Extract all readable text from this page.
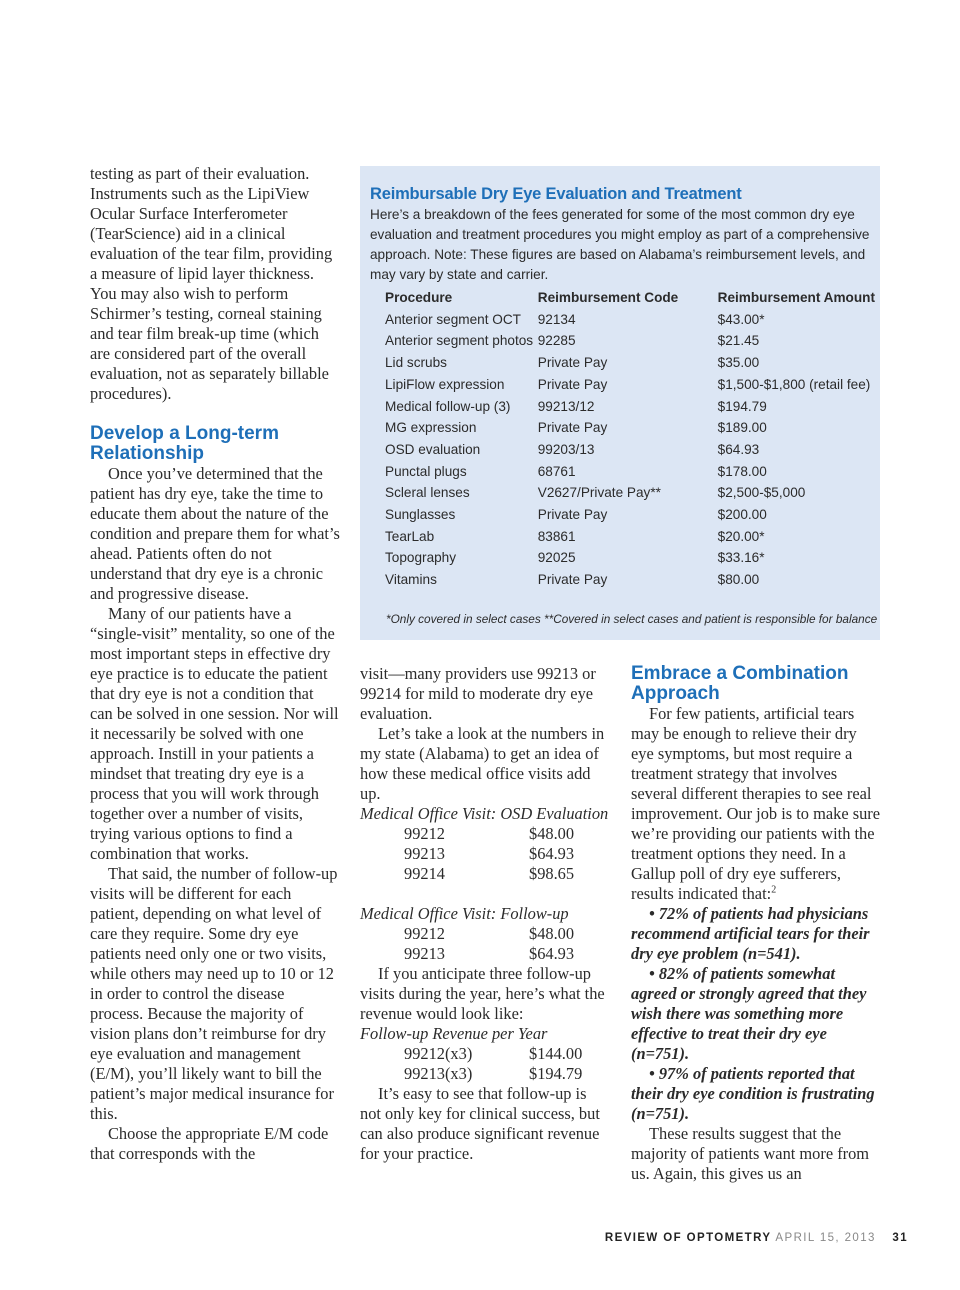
testing as part of their evaluation. Instruments such as the LipiView Ocular Surface Interferometer (TearScience) aid in a clinical evaluation of the tear film, providing a measure of lipid layer thickness. You may also wish to perform Schirmer’s testing, corneal staining and tear film break-up time (which are considered part of the overall evaluation, not as separately billable procedures).

Develop a Long-term Relationship

Once you’ve determined that the patient has dry eye, take the time to educate them about the nature of the condition and prepare them for what’s ahead. Patients often do not understand that dry eye is a chronic and progressive disease.

Many of our patients have a “single-visit” mentality, so one of the most important steps in effective dry eye practice is to educate the patient that dry eye is not a condition that can be solved in one session. Nor will it necessarily be solved with one approach. Instill in your patients a mindset that treating dry eye is a process that you will work through together over a number of visits, trying various options to find a combination that works.

That said, the number of follow-up visits will be different for each patient, depending on what level of care they require. Some dry eye patients need only one or two visits, while others may need up to 10 or 12 in order to control the disease process. Because the majority of vision plans don’t reimburse for dry eye evaluation and management (E/M), you’ll likely want to bill the patient’s major medical insurance for this.

Choose the appropriate E/M code that corresponds with the

Reimbursable Dry Eye Evaluation and Treatment
Here’s a breakdown of the fees generated for some of the most common dry eye evaluation and treatment procedures you might employ as part of a comprehensive approach. Note: These figures are based on Alabama’s reimbursement levels, and may vary by state and carrier.
Procedure	Reimbursement Code	Reimbursement Amount
Anterior segment OCT	92134	$43.00*
Anterior segment photos	92285	$21.45
Lid scrubs	Private Pay	$35.00
LipiFlow expression	Private Pay	$1,500-$1,800 (retail fee)
Medical follow-up (3)	99213/12	$194.79
MG expression	Private Pay	$189.00
OSD evaluation	99203/13	$64.93
Punctal plugs	68761	$178.00
Scleral lenses	V2627/Private Pay**	$2,500-$5,000
Sunglasses	Private Pay	$200.00
TearLab	83861	$20.00*
Topography	92025	$33.16*
Vitamins	Private Pay	$80.00
*Only covered in select cases **Covered in select cases and patient is responsible for balance

visit—many providers use 99213 or 99214 for mild to moderate dry eye evaluation.

Let’s take a look at the numbers in my state (Alabama) to get an idea of how these medical office visits add up.

Medical Office Visit: OSD Evaluation

99212	$48.00
99213	$64.93
99214	$98.65

Medical Office Visit: Follow-up

99212	$48.00
99213	$64.93

If you anticipate three follow-up visits during the year, here’s what the revenue would look like:

Follow-up Revenue per Year

99212(x3)	$144.00
99213(x3)	$194.79

It’s easy to see that follow-up is not only key for clinical success, but can also produce significant revenue for your practice.

Embrace a Combination Approach

For few patients, artificial tears may be enough to relieve their dry eye symptoms, but most require a treatment strategy that involves several different therapies to see real improvement. Our job is to make sure we’re providing our patients with the treatment options they need. In a Gallup poll of dry eye sufferers, results indicated that:$^2$

• 72% of patients had physicians recommend artificial tears for their dry eye problem (n=541).

• 82% of patients somewhat agreed or strongly agreed that they wish there was something more effective to treat their dry eye (n=751).

• 97% of patients reported that their dry eye condition is frustrating (n=751).

These results suggest that the majority of patients want more from us. Again, this gives us an

REVIEW OF OPTOMETRY APRIL 15, 2013 31
